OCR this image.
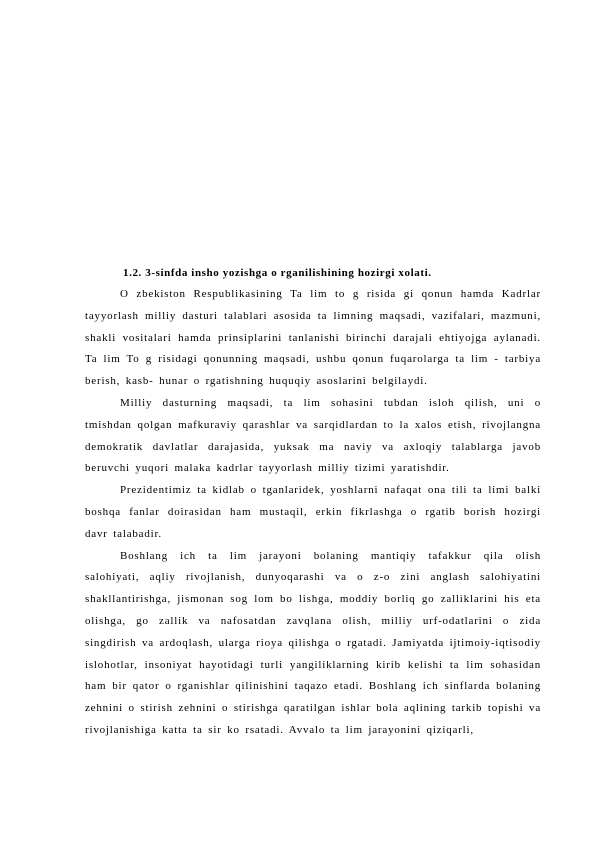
1.2. 3-sinfda insho yozishga o rganilishining hozirgi xolati.

O zbekiston Respublikasining Ta lim to g risida gi qonun hamda Kadrlar tayyorlash milliy dasturi talablari asosida ta limning maqsadi, vazifalari, mazmuni, shakli vositalari hamda prinsiplarini tanlanishi birinchi darajali ehtiyojga aylanadi. Ta lim To g risidagi qonunning maqsadi, ushbu qonun fuqarolarga ta lim - tarbiya berish, kasb- hunar o rgatishning huquqiy asoslarini belgilaydi.

Milliy dasturning maqsadi, ta lim sohasini tubdan isloh qilish, uni o tmishdan qolgan mafkuraviy qarashlar va sarqidlardan to la xalos etish, rivojlangna demokratik davlatlar darajasida, yuksak ma naviy va axloqiy talablarga javob beruvchi yuqori malaka kadrlar tayyorlash milliy tizimi yaratishdir.

Prezidentimiz ta kidlab o tganlaridek, yoshlarni nafaqat ona tili ta limi balki boshqa fanlar doirasidan ham mustaqil, erkin fikrlashga o rgatib borish hozirgi davr talabadir.

Boshlang ich ta lim jarayoni bolaning mantiqiy tafakkur qila olish salohiyati, aqliy rivojlanish, dunyoqarashi va o z-o zini anglash salohiyatini shakllantirishga, jismonan sog lom bo lishga, moddiy borliq go zalliklarini his eta olishga, go zallik va nafosatdan zavqlana olish, milliy urf-odatlarini o zida singdirish va ardoqlash, ularga rioya qilishga o rgatadi. Jamiyatda ijtimoiy-iqtisodiy islohotlar, insoniyat hayotidagi turli yangiliklarning kirib kelishi ta lim sohasidan ham bir qator o rganishlar qilinishini taqazo etadi. Boshlang ich sinflarda bolaning zehnini o stirish zehnini o stirishga qaratilgan ishlar bola aqlining tarkib topishi va rivojlanishiga katta ta sir ko rsatadi. Avvalo ta lim jarayonini qiziqarli,
